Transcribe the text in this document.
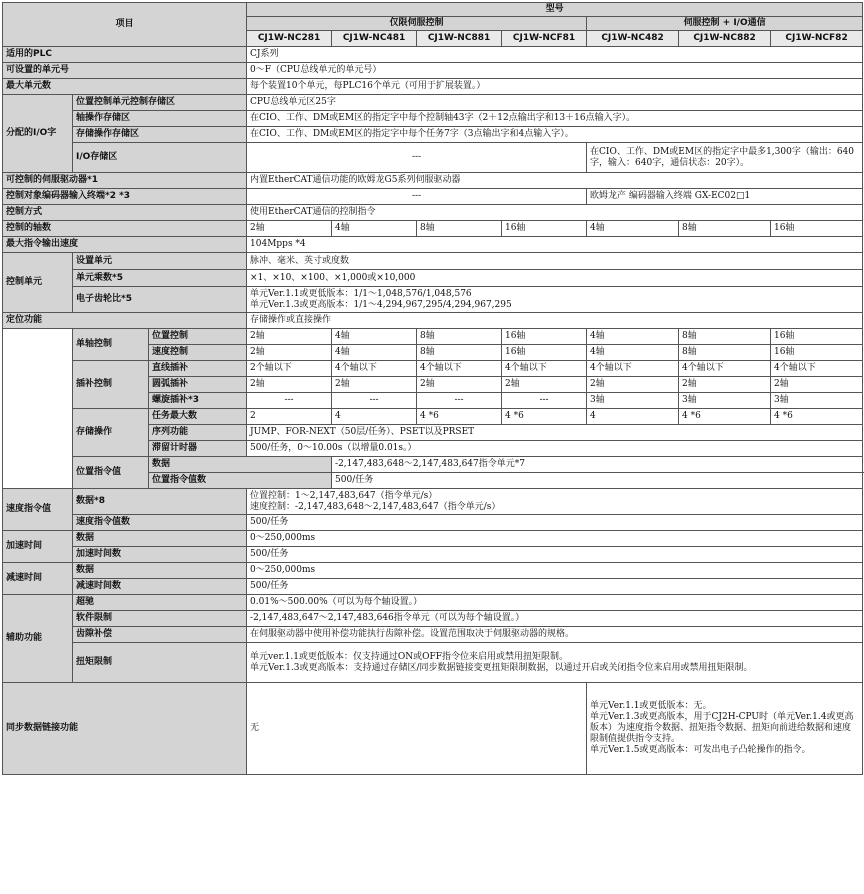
项目			型号						
			仅限伺服控制				伺服控制 + I/O通信		
			CJ1W-NC281	CJ1W-NC481	CJ1W-NC881	CJ1W-NCF81	CJ1W-NC482	CJ1W-NC882	CJ1W-NCF82
适用的PLC			CJ系列						
可设置的单元号			0～F（CPU总线单元的单元号）						
最大单元数			每个装置10个单元，每PLC16个单元（可用于扩展装置。）						
分配的I/O字	位置控制单元控制存储区		CPU总线单元区25字						
	轴操作存储区		在CIO、工作、DM或EM区的指定字中每个控制轴43字（2＋12点输出字和13＋16点输入字）。						
	存储操作存储区		在CIO、工作、DM或EM区的指定字中每个任务7字（3点输出字和4点输入字）。						
	I/O存储区		---				在CIO、工作、DM或EM区的指定字中最多1,300字（输出：640字，输入：640字，通信状态：20字）。		
可控制的伺服驱动器*1			内置EtherCAT通信功能的欧姆龙G5系列伺服驱动器						
控制对象编码器输入终端*2 *3			---				欧姆龙产 编码器输入终端 GX-EC02□1		
控制方式			使用EtherCAT通信的控制指令						
控制的轴数			2轴	4轴	8轴	16轴	4轴	8轴	16轴
最大指令输出速度			104Mpps *4						
控制单元	设置单元		脉冲、毫米、英寸或度数						
	单元乘数*5		×1、×10、×100、×1,000或×10,000						
	电子齿轮比*5		单元Ver.1.1或更低版本：1/1～1,048,576/1,048,576
单元Ver.1.3或更高版本：1/1～4,294,967,295/4,294,967,295						

定位功能			存储操作或直接操作						
	单轴控制	位置控制	2轴	4轴	8轴	16轴	4轴	8轴	16轴
		速度控制	2轴	4轴	8轴	16轴	4轴	8轴	16轴
	插补控制	直线插补	2个轴以下	4个轴以下	4个轴以下	4个轴以下	4个轴以下	4个轴以下	4个轴以下
		圆弧插补	2轴	2轴	2轴	2轴	2轴	2轴	2轴
		螺旋插补*3	---	---	---	---	3轴	3轴	3轴
	存储操作	任务最大数	2	4	4 *6	4 *6	4	4 *6	4 *6
		序列功能	JUMP、FOR-NEXT（50层/任务）、PSET以及PRSET						
		滞留计时器	500/任务，0～10.00s（以增量0.01s。）						
	位置指令值	数据		-2,147,483,648～2,147,483,647指令单元*7					
		位置指令值数		500/任务					
速度指令值	数据*8		位置控制：1～2,147,483,647（指令单元/s）
速度控制：-2,147,483,648～2,147,483,647（指令单元/s）						

	速度指令值数		500/任务						
加速时间	数据		0～250,000ms						
	加速时间数		500/任务						
减速时间	数据		0～250,000ms						
	减速时间数		500/任务						
辅助功能	超驰		0.01%～500.00%（可以为每个轴设置。）						
	软件限制		-2,147,483,647～2,147,483,646指令单元（可以为每个轴设置。）						
	齿隙补偿		在伺服驱动器中使用补偿功能执行齿隙补偿。设置范围取决于伺服驱动器的规格。						
	扭矩限制		单元ver.1.1或更低版本：仅支持通过ON或OFF指令位来启用或禁用扭矩限制。
单元Ver.1.3或更高版本：支持通过存储区/同步数据链接变更扭矩限制数据，以通过开启或关闭指令位来启用或禁用扭矩限制。						

同步数据链接功能			无				单元Ver.1.1或更低版本：无。
单元Ver.1.3或更高版本，用于CJ2H-CPU时（单元Ver.1.4或更高版本）为速度指令数据、扭矩指令数据、扭矩向前进给数据和速度限制值提供指令支持。
单元Ver.1.5或更高版本：可发出电子凸轮操作的指令。		
